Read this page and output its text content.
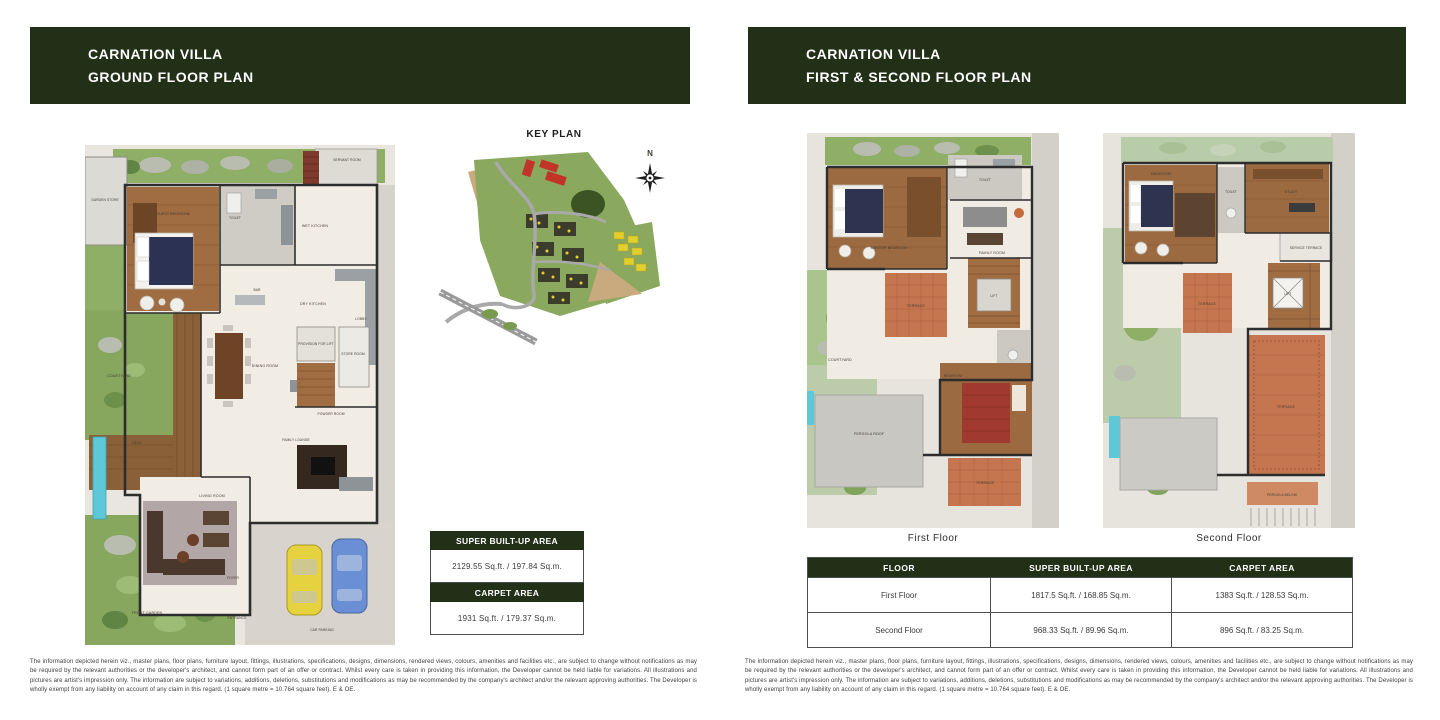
CARNATION VILLA
GROUND FLOOR PLAN
CARNATION VILLA
FIRST & SECOND FLOOR PLAN
GARDEN STORE
GUEST BEDROOM
SERVANT ROOM
TOILET
WET KITCHEN
DRY KITCHEN
BAR
DINING ROOM
PROVISION FOR LIFT
STORE ROOM
LOBBY
COURTYARD
DECK
LIVING ROOM
FAMILY LOUNGE
POWDER ROOM
FOYER
ENTRANCE
FRONT GARDEN
CAR PARKING
KEY PLAN
N
SUPER BUILT-UP AREA
2129.55 Sq.ft. / 197.84 Sq.m.
CARPET AREA
1931 Sq.ft. / 179.37 Sq.m.
MASTER BEDROOM
TOILET
FAMILY ROOM
TERRACE
LIFT
COURTYARD
BEDROOM
PERGOLA ROOF
TERRACE
First Floor
BEDROOM
TOILET	STUDY
SERVICE TERRACE
LIFT
TERRACE
TERRACE
PERGOLA BELOW
Second Floor
FLOOR	SUPER BUILT-UP AREA	CARPET AREA
First Floor	1817.5 Sq.ft. / 168.85 Sq.m.	1383 Sq.ft. / 128.53 Sq.m.
Second Floor	968.33 Sq.ft. / 89.96 Sq.m.	896 Sq.ft. / 83.25 Sq.m.
The information depicted herein viz., master plans, floor plans, furniture layout, fittings, illustrations, specifications, designs, dimensions, rendered views, colours, amenities and facilities etc., are subject to change without notifications as may be required by the relevant authorities or the developer's architect, and cannot form part of an offer or contract. Whilst every care is taken in providing this information, the Developer cannot be held liable for variations. All illustrations and pictures are artist's impression only. The information are subject to variations, additions, deletions, substitutions and modifications as may be recommended by the company's architect and/or the relevant approving authorities. The Developer is wholly exempt from any liability on account of any claim in this regard. (1 square metre = 10.764 square feet). E & OE.
The information depicted herein viz., master plans, floor plans, furniture layout, fittings, illustrations, specifications, designs, dimensions, rendered views, colours, amenities and facilities etc., are subject to change without notifications as may be required by the relevant authorities or the developer's architect, and cannot form part of an offer or contract. Whilst every care is taken in providing this information, the Developer cannot be held liable for variations. All illustrations and pictures are artist's impression only. The information are subject to variations, additions, deletions, substitutions and modifications as may be recommended by the company's architect and/or the relevant approving authorities. The Developer is wholly exempt from any liability on account of any claim in this regard. (1 square metre = 10.764 square feet). E & OE.
